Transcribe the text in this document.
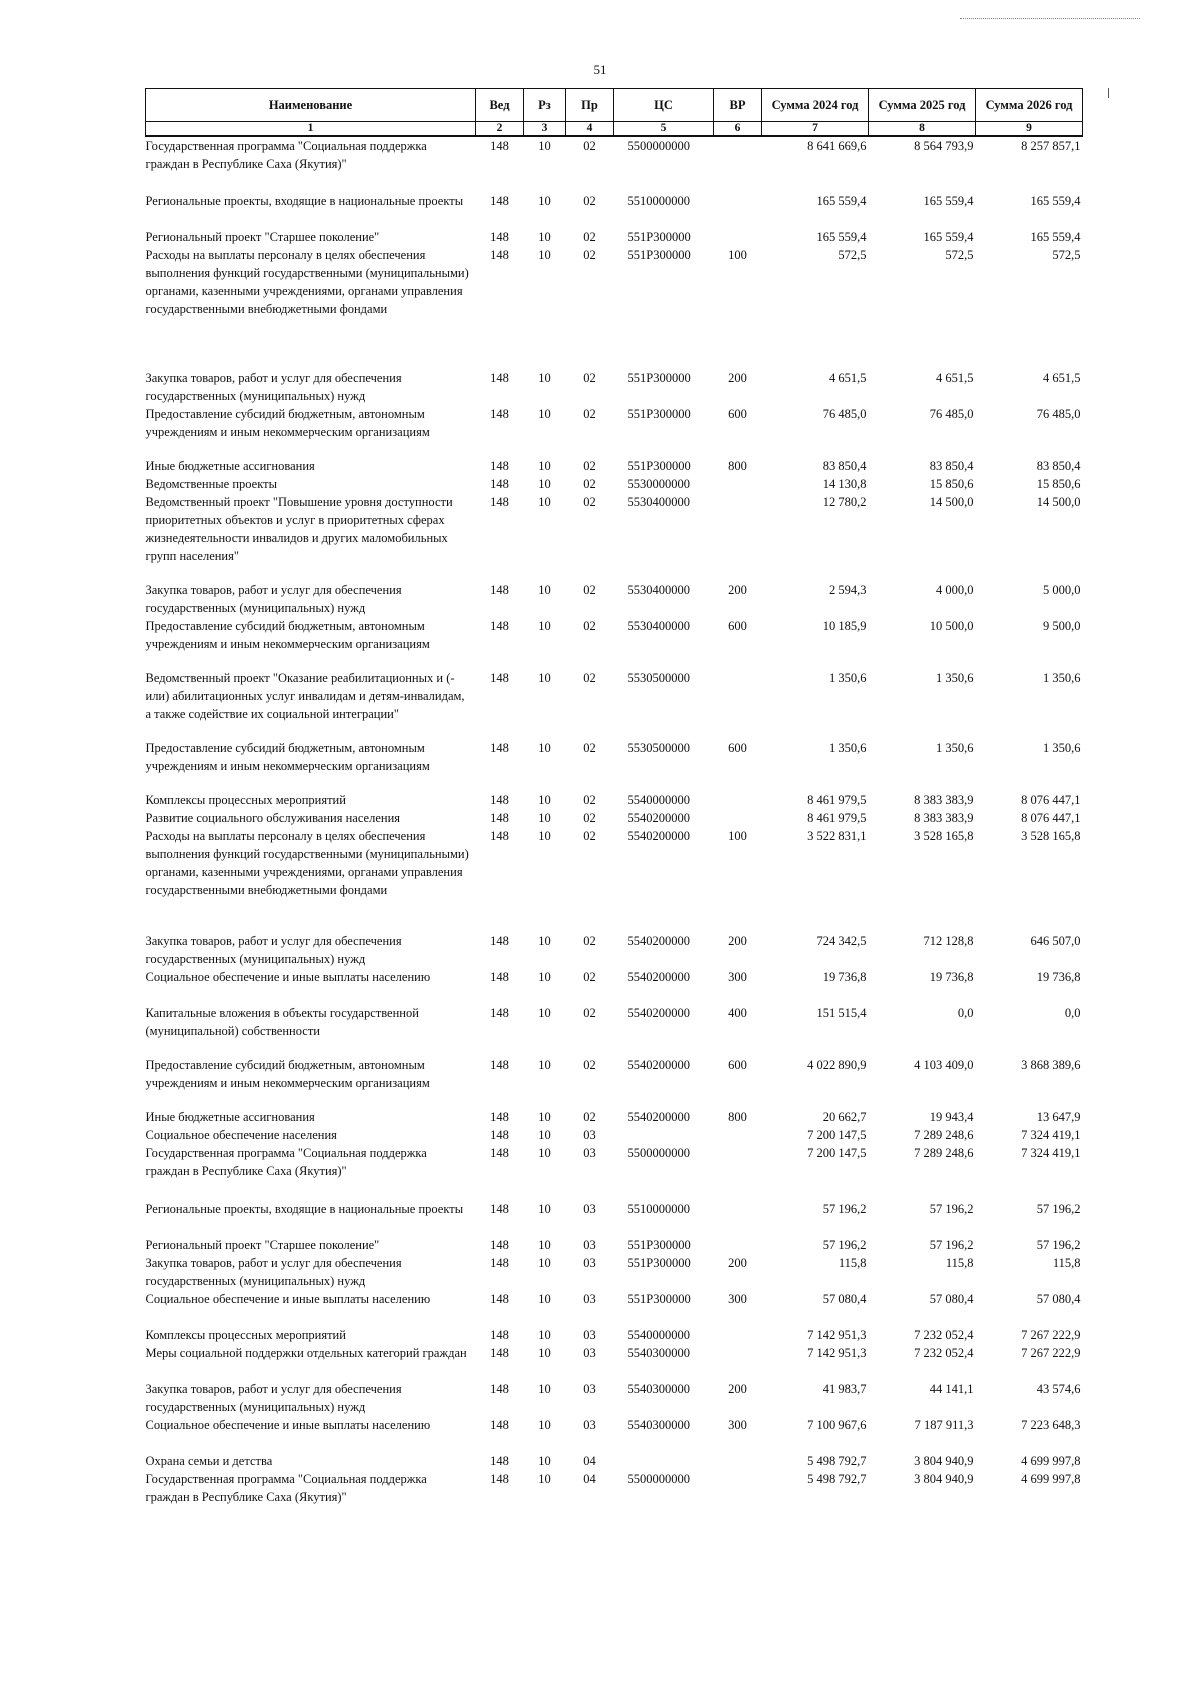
51
Наименование	Вед	Рз	Пр	ЦС	ВР	Сумма 2024 год	Сумма 2025 год	Сумма 2026 год
1	2	3	4	5	6	7	8	9
Государственная программа "Социальная поддержка граждан в Республике Саха (Якутия)"	148	10	02	5500000000		8 641 669,6	8 564 793,9	8 257 857,1
Региональные проекты, входящие в национальные проекты	148	10	02	5510000000		165 559,4	165 559,4	165 559,4
Региональный проект "Старшее поколение"	148	10	02	551P300000		165 559,4	165 559,4	165 559,4
Расходы на выплаты персоналу в целях обеспечения выполнения функций государственными (муниципальными) органами, казенными учреждениями, органами управления государственными внебюджетными фондами	148	10	02	551P300000	100	572,5	572,5	572,5
Закупка товаров, работ и услуг для обеспечения государственных (муниципальных) нужд	148	10	02	551P300000	200	4 651,5	4 651,5	4 651,5
Предоставление субсидий бюджетным, автономным учреждениям и иным некоммерческим организациям	148	10	02	551P300000	600	76 485,0	76 485,0	76 485,0
Иные бюджетные ассигнования	148	10	02	551P300000	800	83 850,4	83 850,4	83 850,4
Ведомственные проекты	148	10	02	5530000000		14 130,8	15 850,6	15 850,6
Ведомственный проект "Повышение уровня доступности приоритетных объектов и услуг в приоритетных сферах жизнедеятельности инвалидов и других маломобильных групп населения"	148	10	02	5530400000		12 780,2	14 500,0	14 500,0
Закупка товаров, работ и услуг для обеспечения государственных (муниципальных) нужд	148	10	02	5530400000	200	2 594,3	4 000,0	5 000,0
Предоставление субсидий бюджетным, автономным учреждениям и иным некоммерческим организациям	148	10	02	5530400000	600	10 185,9	10 500,0	9 500,0
Ведомственный проект "Оказание реабилитационных и (-или) абилитационных услуг инвалидам и детям-инвалидам, а также содействие их социальной интеграции"	148	10	02	5530500000		1 350,6	1 350,6	1 350,6
Предоставление субсидий бюджетным, автономным учреждениям и иным некоммерческим организациям	148	10	02	5530500000	600	1 350,6	1 350,6	1 350,6
Комплексы процессных мероприятий	148	10	02	5540000000		8 461 979,5	8 383 383,9	8 076 447,1
Развитие социального обслуживания населения	148	10	02	5540200000		8 461 979,5	8 383 383,9	8 076 447,1
Расходы на выплаты персоналу в целях обеспечения выполнения функций государственными (муниципальными) органами, казенными учреждениями, органами управления государственными внебюджетными фондами	148	10	02	5540200000	100	3 522 831,1	3 528 165,8	3 528 165,8
Закупка товаров, работ и услуг для обеспечения государственных (муниципальных) нужд	148	10	02	5540200000	200	724 342,5	712 128,8	646 507,0
Социальное обеспечение и иные выплаты населению	148	10	02	5540200000	300	19 736,8	19 736,8	19 736,8
Капитальные вложения в объекты государственной (муниципальной) собственности	148	10	02	5540200000	400	151 515,4	0,0	0,0
Предоставление субсидий бюджетным, автономным учреждениям и иным некоммерческим организациям	148	10	02	5540200000	600	4 022 890,9	4 103 409,0	3 868 389,6
Иные бюджетные ассигнования	148	10	02	5540200000	800	20 662,7	19 943,4	13 647,9
Социальное обеспечение населения	148	10	03			7 200 147,5	7 289 248,6	7 324 419,1
Государственная программа "Социальная поддержка граждан в Республике Саха (Якутия)"	148	10	03	5500000000		7 200 147,5	7 289 248,6	7 324 419,1
Региональные проекты, входящие в национальные проекты	148	10	03	5510000000		57 196,2	57 196,2	57 196,2
Региональный проект "Старшее поколение"	148	10	03	551P300000		57 196,2	57 196,2	57 196,2
Закупка товаров, работ и услуг для обеспечения государственных (муниципальных) нужд	148	10	03	551P300000	200	115,8	115,8	115,8
Социальное обеспечение и иные выплаты населению	148	10	03	551P300000	300	57 080,4	57 080,4	57 080,4
Комплексы процессных мероприятий	148	10	03	5540000000		7 142 951,3	7 232 052,4	7 267 222,9
Меры социальной поддержки отдельных категорий граждан	148	10	03	5540300000		7 142 951,3	7 232 052,4	7 267 222,9
Закупка товаров, работ и услуг для обеспечения государственных (муниципальных) нужд	148	10	03	5540300000	200	41 983,7	44 141,1	43 574,6
Социальное обеспечение и иные выплаты населению	148	10	03	5540300000	300	7 100 967,6	7 187 911,3	7 223 648,3
Охрана семьи и детства	148	10	04			5 498 792,7	3 804 940,9	4 699 997,8
Государственная программа "Социальная поддержка граждан в Республике Саха (Якутия)"	148	10	04	5500000000		5 498 792,7	3 804 940,9	4 699 997,8
